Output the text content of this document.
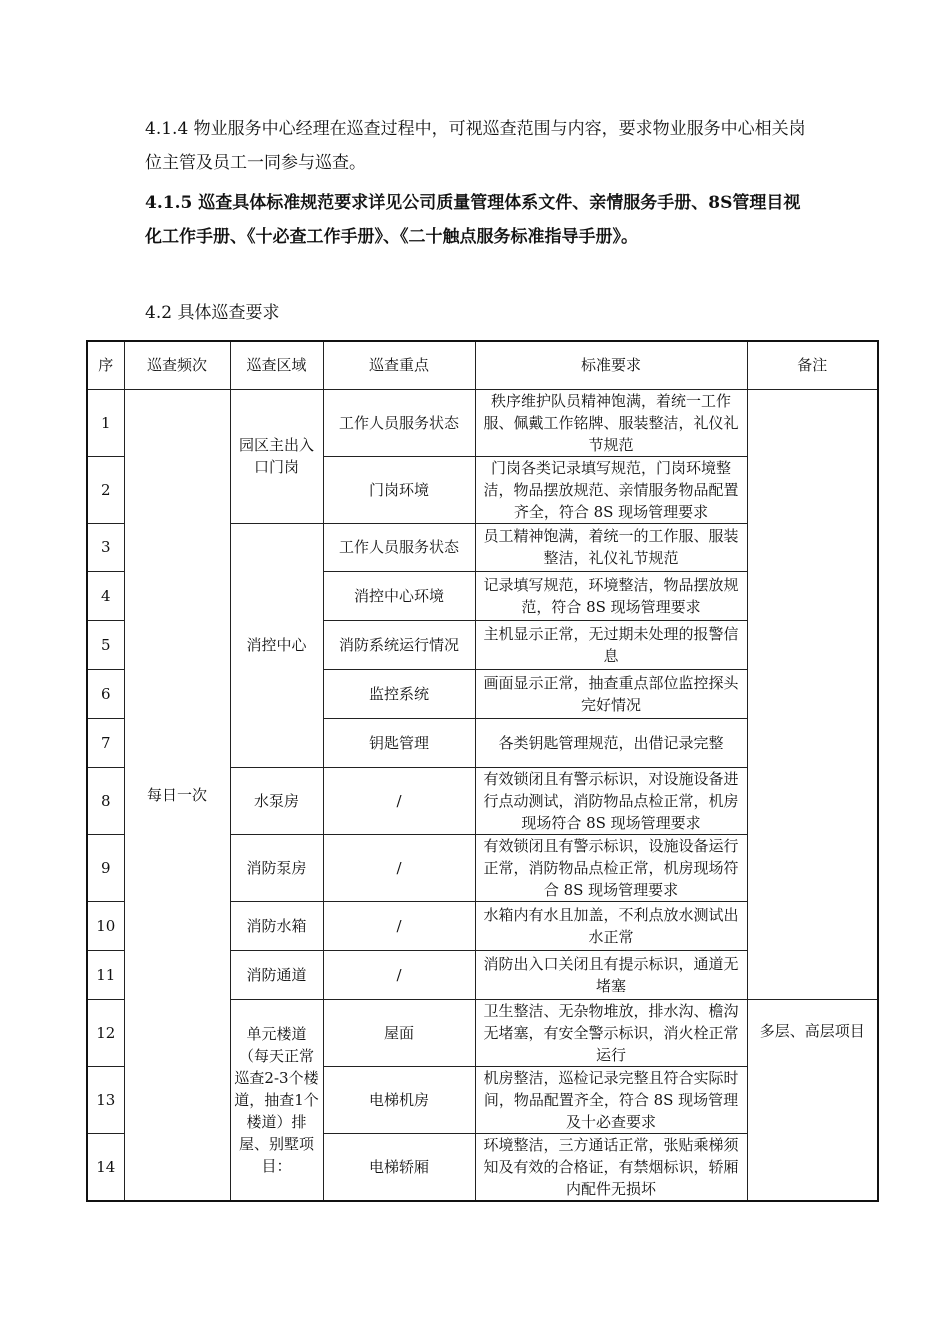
4.1.4 物业服务中心经理在巡查过程中，可视巡查范围与内容，要求物业服务中心相关岗位主管及员工一同参与巡查。

4.1.5 巡查具体标准规范要求详见公司质量管理体系文件、亲情服务手册、8S管理目视化工作手册、《十必查工作手册》、《二十触点服务标准指导手册》。

4.2 具体巡查要求

序	巡查频次	巡查区域	巡查重点	标准要求	备注
1	每日一次	园区主出入口门岗	工作人员服务状态	秩序维护队员精神饱满，着统一工作服、佩戴工作铭牌、服装整洁，礼仪礼节规范	
2			门岗环境	门岗各类记录填写规范，门岗环境整洁，物品摆放规范、亲情服务物品配置齐全，符合 8S 现场管理要求	
3		消控中心	工作人员服务状态	员工精神饱满，着统一的工作服、服装整洁，礼仪礼节规范	
4			消控中心环境	记录填写规范，环境整洁，物品摆放规范，符合 8S 现场管理要求	
5			消防系统运行情况	主机显示正常，无过期未处理的报警信息	
6			监控系统	画面显示正常，抽查重点部位监控探头完好情况	
7			钥匙管理	各类钥匙管理规范，出借记录完整	
8		水泵房	/	有效锁闭且有警示标识，对设施设备进行点动测试，消防物品点检正常，机房现场符合 8S 现场管理要求	
9		消防泵房	/	有效锁闭且有警示标识，设施设备运行正常，消防物品点检正常，机房现场符合 8S 现场管理要求	
10		消防水箱	/	水箱内有水且加盖，不利点放水测试出水正常	
11		消防通道	/	消防出入口关闭且有提示标识，通道无堵塞	
12		单元楼道（每天正常巡查2-3个楼道，抽查1个楼道）排屋、别墅项目：	屋面	卫生整洁、无杂物堆放，排水沟、檐沟无堵塞，有安全警示标识，消火栓正常运行	多层、高层项目
13			电梯机房	机房整洁，巡检记录完整且符合实际时间，物品配置齐全，符合 8S 现场管理及十必查要求	
14			电梯轿厢	环境整洁，三方通话正常，张贴乘梯须知及有效的合格证，有禁烟标识，轿厢内配件无损坏	
